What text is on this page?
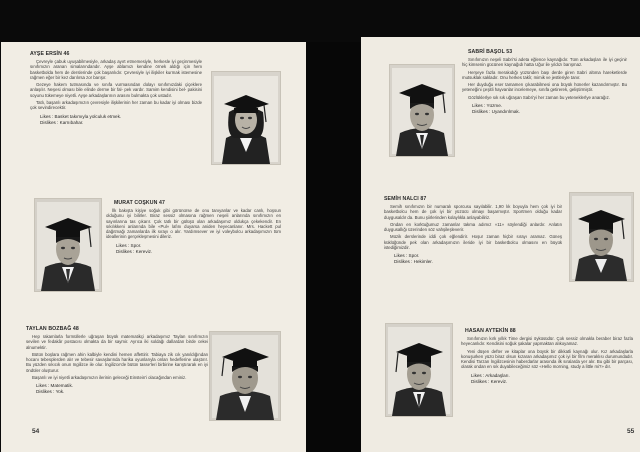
AYŞE ERSİN 46

Çevreyle çabuk uyuşabilmesiyle, arkadaş ayırt etmemesiyle, herkesle iyi geçinmesiyle sınıfımızın aranan simalarındandır. Ayşe ablamızı kendine örnek aldığı için hem basketbolda hem de derslerinde çok başarılıdır. Çevresiyle iyi ilişkiler kurmak istemesine rağmen eğer bir kez darılırsa zor barışır.

Gezeye hakem tutmasında ve sınıfa vurmasından dolayı sınıfımızdaki çiçeklere anlaşılır. Neşesi olması bile elinde derme bir fal- pek vardır. Samim kendisini bel- pakisini soyunu tükemeye niyetli. Ayşe arkadaşlarının arasını bulmakta çok ustadır.

Tatlı, başarılı arkadaşımızın çevresiyle ilişkilerinin her zaman bu kadar iyi olması bizde çok sevindirecektir.

Likes : Basket takımıyla yolculuk etmek.
Dislikes : Karnıbahar.
MURAT COŞKUN 47

İlk bakışta kişiye soğuk gibi görünürse de onu tanıyanlar ve kadar canlı, hoşsun olduğunu iyi bilirler. Biraz sessiz olmasına rağmen neşeli anlarında sınıfımızın en sayınlarına tas çıkarır. Çok tatlı bir gülüşü olan arkadaşımız oldukça çekekendir. En sıkılıkkeni anlarında bile «Pul» lafını duyarsa aniden heyecanlanır. Mrs. Hackett pul dağıtmağı zamanlarda ilk sırayı o alır. Yardımsever ve iyi voleybolcu arkadaşımızın tüm ideallerinin gerçekleşmesini dileriz.

Likes : Spor.
Dislikes : Kereviz.
TAYLAN BOZBAĞ 48

Hep rakamlarla formüllerle uğraşan büyük matematikçi arkadaşımız Taylan sınıfımızın sevilen ve fedakâr postacısı olmakta da bir saymir. Ayrıca iki soldağı dallardan birde cekei alnumektir.

Bütün boşlara rağmen ahin kalbiyle kendini hemen affettirir. Tabiaya zik cık yanıldığından hocanı tebesplerden alır ve tebesir savaşlarında harika oyunlarıyla onları hedeflerine ulaştırır. Bu yüzden sıkıcık onun Ingilizce ile olur. İngilizce'de bütün tasse'leri birbirine karıştırarak en iyi öndüler oluşturur.

Başarılı ve iyi niyetli arkadaşımızın ilerinin geleceği Einstein'i olacağından eminiz.

Likes : Matematik.
Dislikes : Yok.
54
SABRİ BAŞOL 53

Sınıfımızın neşeli Sabri'si adeta eğlence kaynağıdır. Tüm arkadaşları ile iyi geçinir hiç kimsenin gücünen kaynağıdı hatta Uğur ile yıldızı barışmaz.

Herşeye fazla merakıdığı yüzünden başı derde giren Sabri altıma hareketlerde mutsuklak sakladır. Onu herkes takîr, mimik ve jestleriyle tanır.

Her duyduğu eser tamamen çıkarabilmesi ona büyük hünerler kazandırmıştır. Bu yeteneğini çeşitli hayvanlar incelemeye, sınıfa getirerek, geliştirmiştir.

Gözlüklerlye sık sık uğraşan Sabri'yi her zaman bu yeteneklerlye anarağız.

Likes : Yüzme.
Dislikes : Uyandırılmak.
SEMİH NALCI 87

Semih sınıfımızın bir numaralı sporcusu sayılabilir. 1,90 lık boyuyla hem çok iyi bir basketbolcu hem de çok iyi bir yüzücü olmayı başarmıştır. Sportmen olduğu kadar duygusaldır da. Bunu şiirlerinden kolaylıkla anlayabiliriz.

Ondan en korktuğumuz zamanlar takma adımız «11» söylendiği anlardır. Anlatın duygusallığı üzerinden söz vahşileşleverir.

Müzik derslerinde iddi çok eğlendirir. Hoşur zaman hiçbir sırayı aramaz. Güneş küklüğünde pek olan arkadaşımızın ileride iyi bir basketbolcu olmasını en büyük istediğimizdir.

Likes : Spor.
Dislikes : Hekimler.
HASAN AYTEKİN 88

Sınıfımızın kırk yıllık Time dergisi öyküsüdür. Çok sessiz olmakla beraber biraz fazla heyecanlıdır. Kendisini soğuk şakalar yapmaktan alıkoyamaz.

Yeni düşen defter ve kitaplar ona büyük bir dikkatli kaynağı olur. Kız arkadaşlarla konuşurken yüzü biraz olsun kızaran arkadaşımız çok iyi bir film meraklısı durumundadır. Kendisi Tarzan İngilizcesinin haberdarlar arasında ilk sıralarda yer alır. Bu gibi bir parçası, olarak ondan en sık duyabileceğimiz söz «Hello morning, study a little mi?» dır.

Likes : Arkadaşları.
Dislikes : Kereviz.
55
